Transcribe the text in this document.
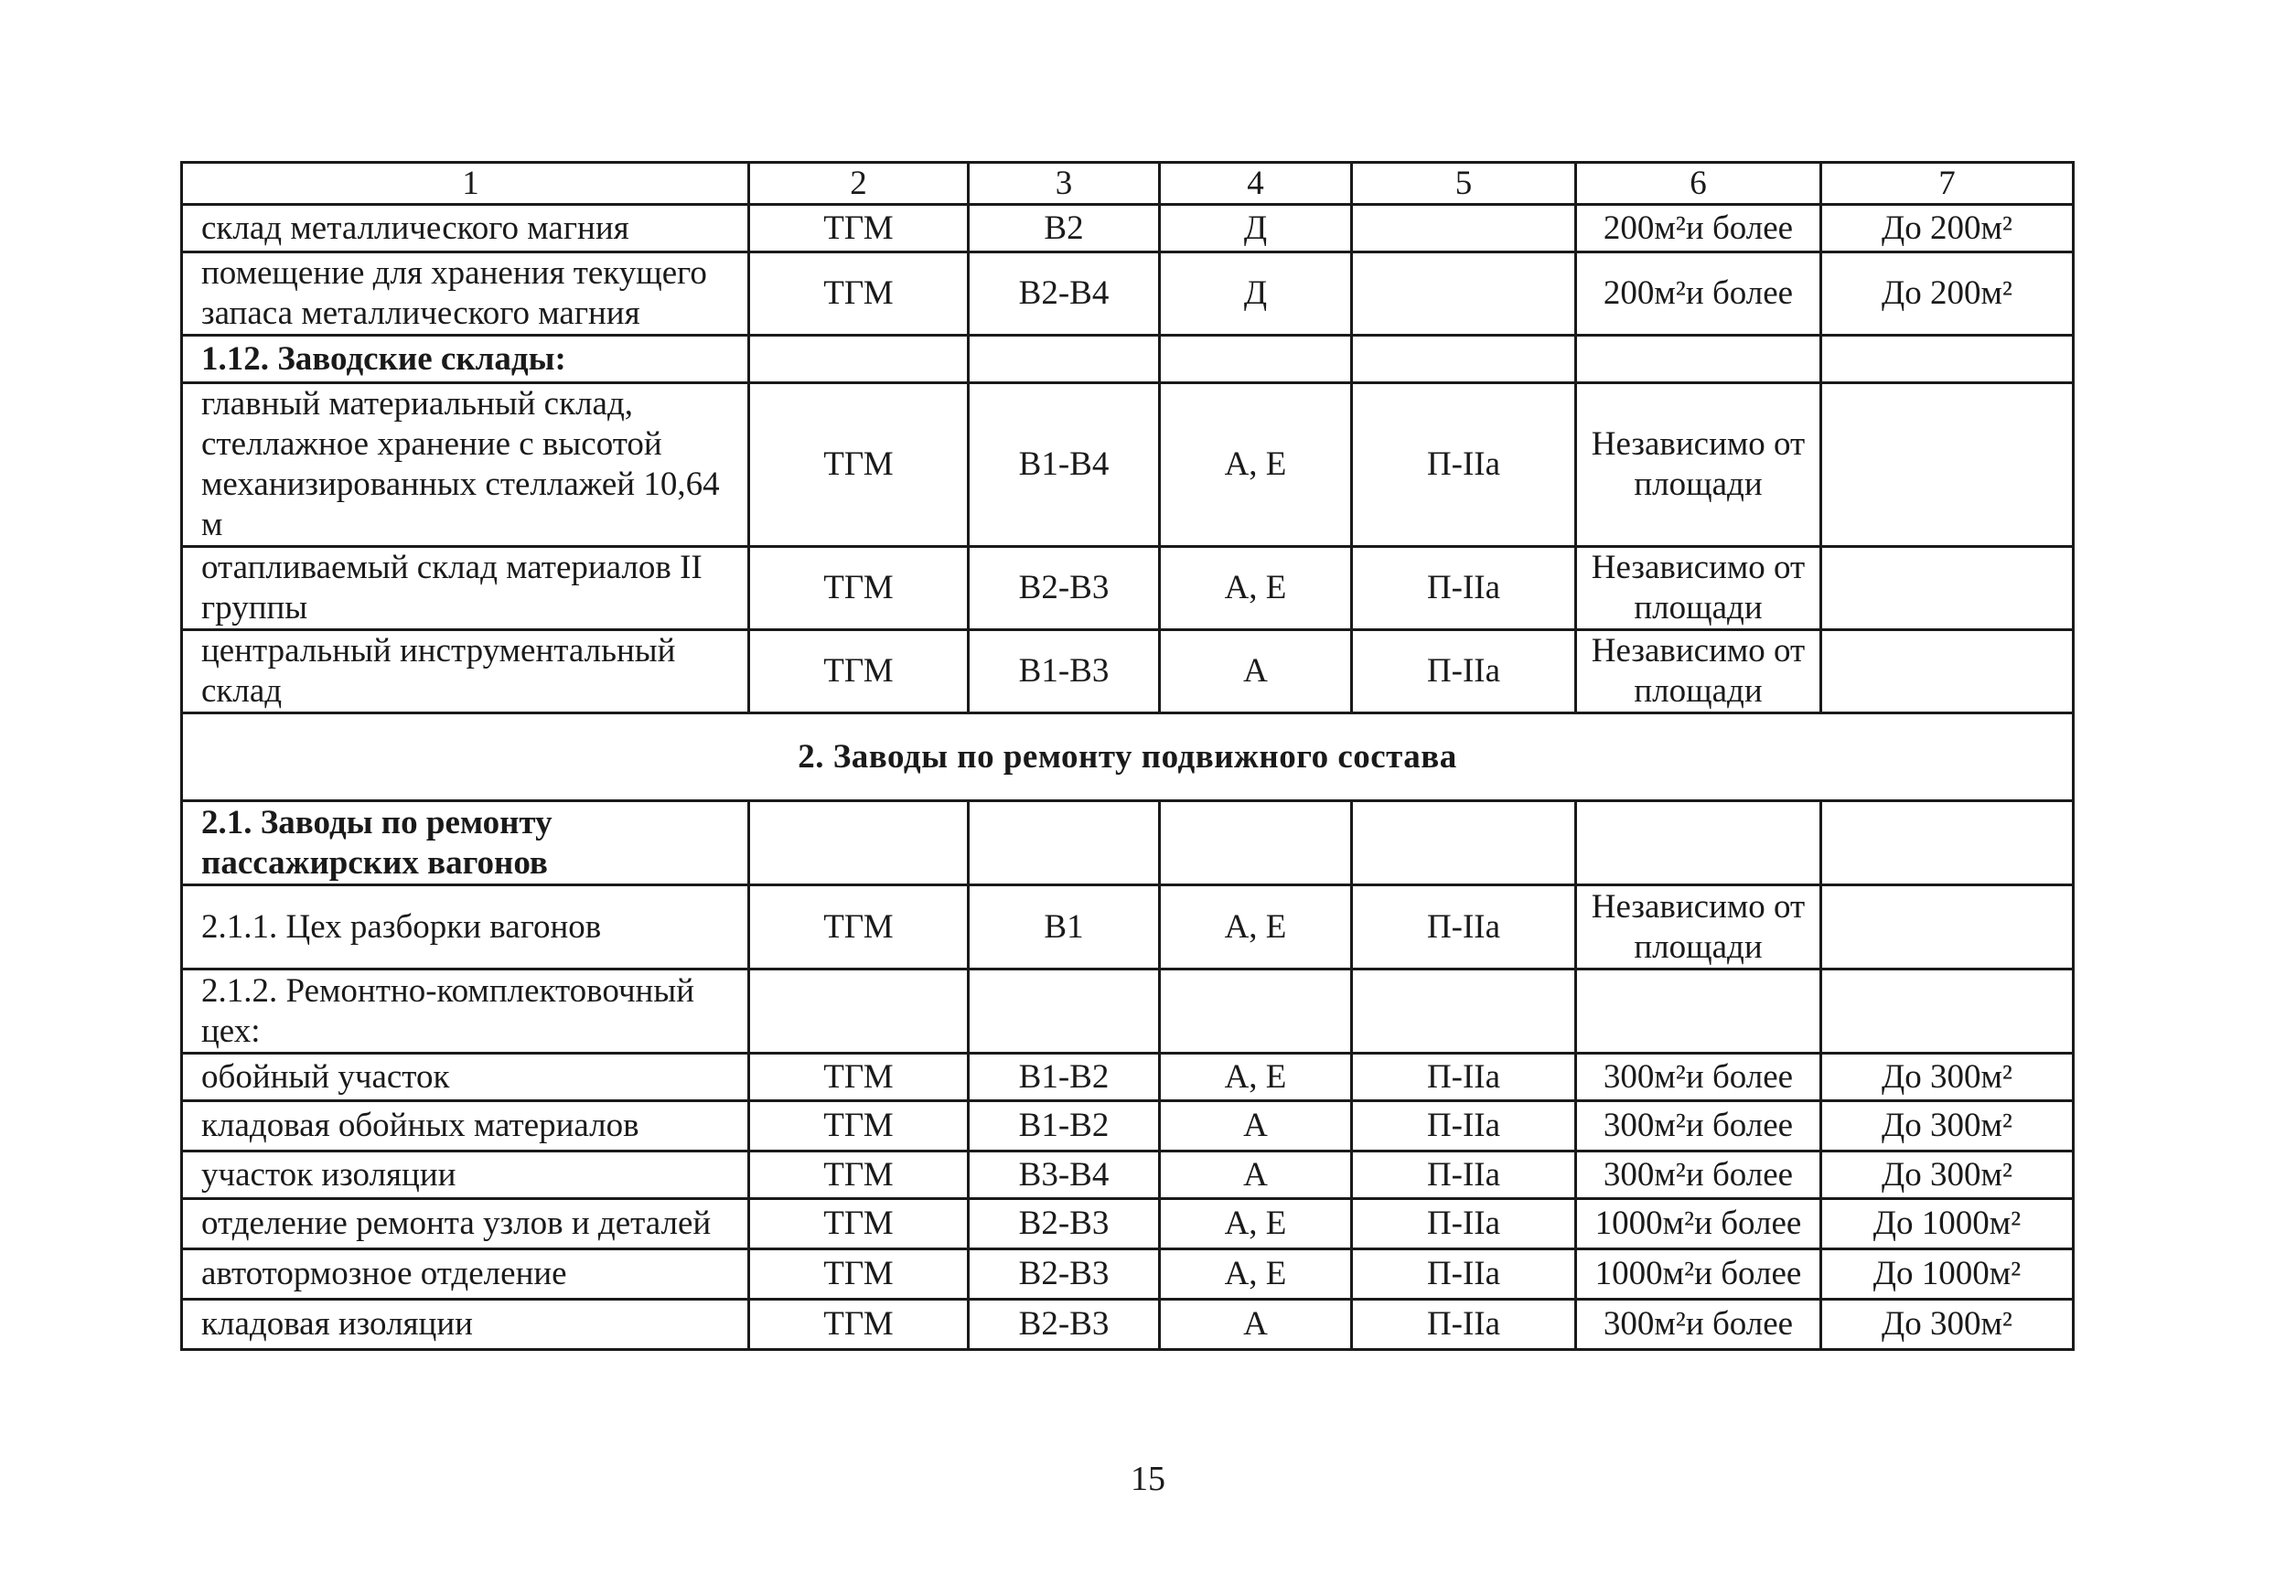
1	2	3	4	5	6	7
склад металлического магния	ТГМ	В2	Д		200м²и более	До 200м²
помещение для хранения текущего запаса металлического магния	ТГМ	В2-В4	Д		200м²и более	До 200м²
1.12. Заводские склады:						
главный материальный склад, стеллажное хранение с высотой механизированных стеллажей 10,64 м	ТГМ	В1-В4	А, Е	П-IIа	Независимо от площади	
отапливаемый склад материалов II группы	ТГМ	В2-В3	А, Е	П-IIа	Независимо от площади	
центральный инструментальный склад	ТГМ	В1-В3	А	П-IIа	Независимо от площади	
2. Заводы по ремонту подвижного состава						
2.1. Заводы по ремонту пассажирских вагонов						
2.1.1. Цех разборки вагонов	ТГМ	В1	А, Е	П-IIа	Независимо от площади	
2.1.2. Ремонтно-комплектовочный цех:						
обойный участок	ТГМ	В1-В2	А, Е	П-IIа	300м²и более	До 300м²
кладовая обойных материалов	ТГМ	В1-В2	А	П-IIа	300м²и более	До 300м²
участок изоляции	ТГМ	В3-В4	А	П-IIа	300м²и более	До 300м²
отделение ремонта узлов и деталей	ТГМ	В2-В3	А, Е	П-IIа	1000м²и более	До 1000м²
автотормозное отделение	ТГМ	В2-В3	А, Е	П-IIа	1000м²и более	До 1000м²
кладовая изоляции	ТГМ	В2-В3	А	П-IIа	300м²и более	До 300м²
15
